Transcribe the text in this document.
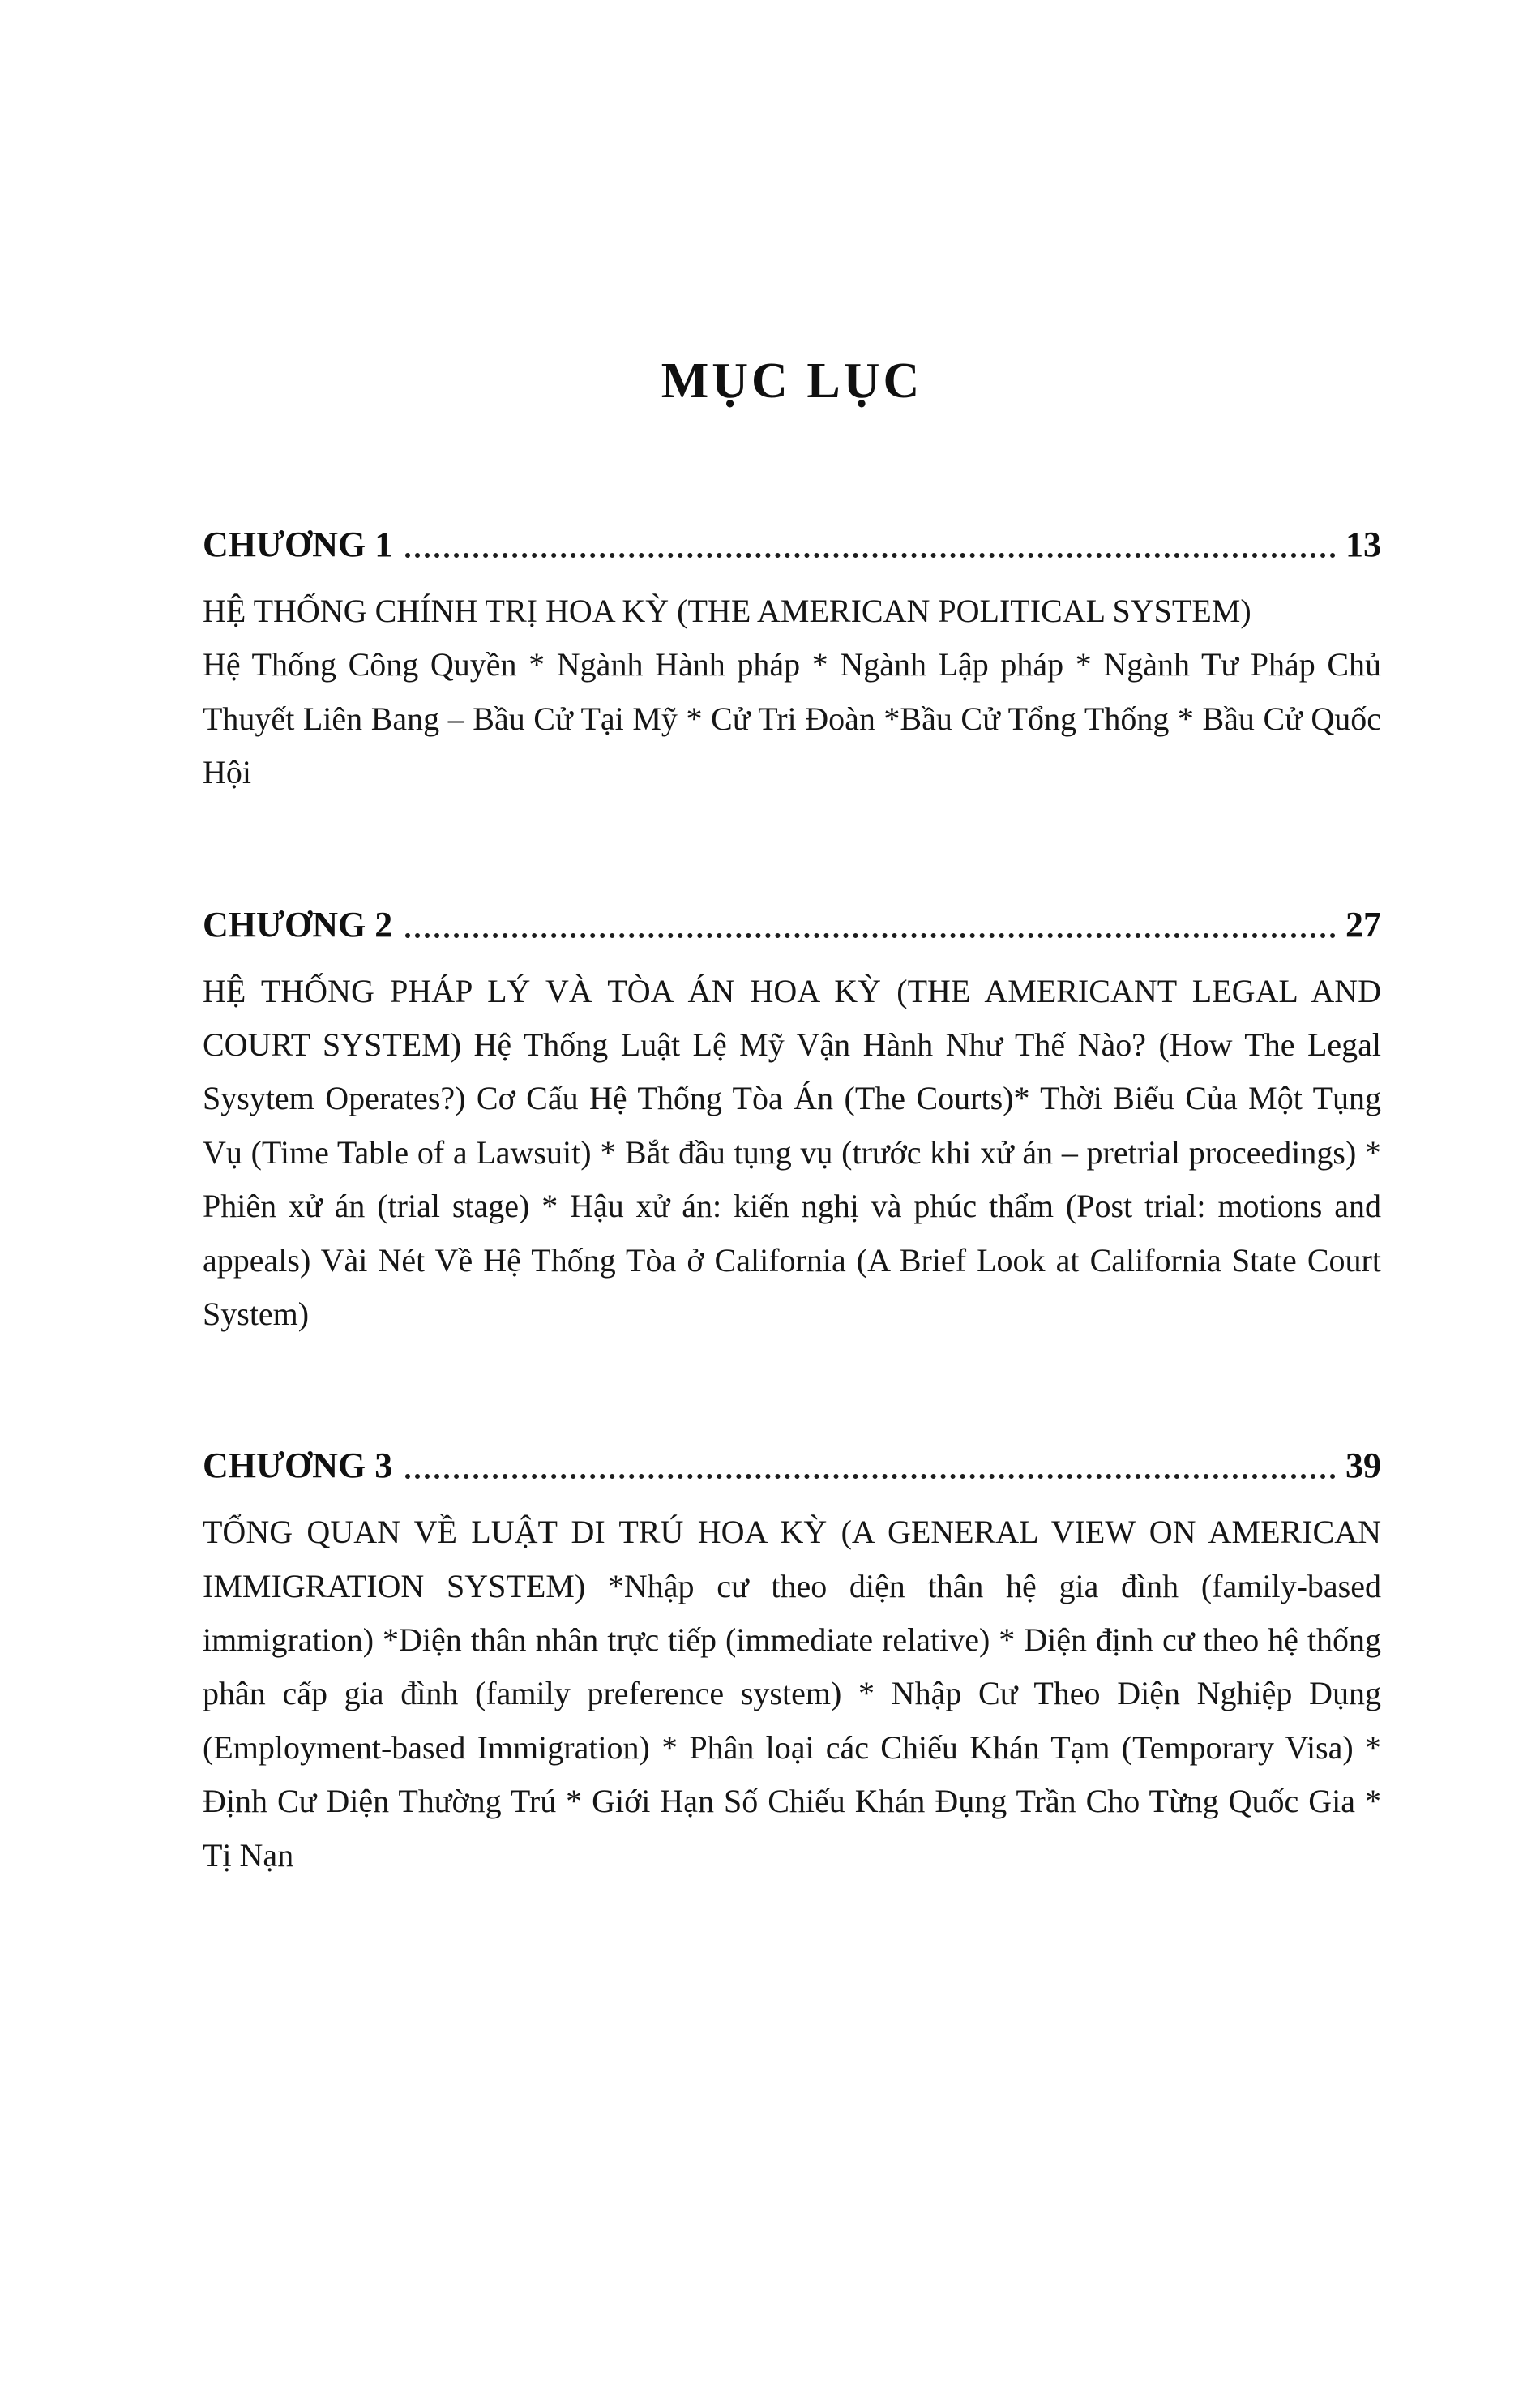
MỤC LỤC
CHƯƠNG 1	13

HỆ THỐNG CHÍNH TRỊ HOA KỲ (THE AMERICAN POLITICAL SYSTEM)

Hệ Thống Công Quyền * Ngành Hành pháp * Ngành Lập pháp * Ngành Tư Pháp Chủ Thuyết Liên Bang – Bầu Cử Tại Mỹ * Cử Tri Đoàn *Bầu Cử Tổng Thống * Bầu Cử Quốc Hội

CHƯƠNG 2	27

HỆ THỐNG PHÁP LÝ VÀ TÒA ÁN HOA KỲ (THE AMERICANT LEGAL AND COURT SYSTEM) Hệ Thống Luật Lệ Mỹ Vận Hành Như Thế Nào? (How The Legal Sysytem Operates?) Cơ Cấu Hệ Thống Tòa Án (The Courts)* Thời Biểu Của Một Tụng Vụ (Time Table of a Lawsuit) * Bắt đầu tụng vụ (trước khi xử án – pretrial proceedings) * Phiên xử án (trial stage) * Hậu xử án: kiến nghị và phúc thẩm (Post trial: motions and appeals) Vài Nét Về Hệ Thống Tòa ở California (A Brief Look at California State Court System)

CHƯƠNG 3	39

TỔNG QUAN VỀ LUẬT DI TRÚ HOA KỲ (A GENERAL VIEW ON AMERICAN IMMIGRATION SYSTEM) *Nhập cư theo diện thân hệ gia đình (family-based immigration) *Diện thân nhân trực tiếp (immediate relative) * Diện định cư theo hệ thống phân cấp gia đình (family preference system) * Nhập Cư Theo Diện Nghiệp Dụng (Employment-based Immigration) * Phân loại các Chiếu Khán Tạm (Temporary Visa) * Định Cư Diện Thường Trú * Giới Hạn Số Chiếu Khán Đụng Trần Cho Từng Quốc Gia * Tị Nạn
